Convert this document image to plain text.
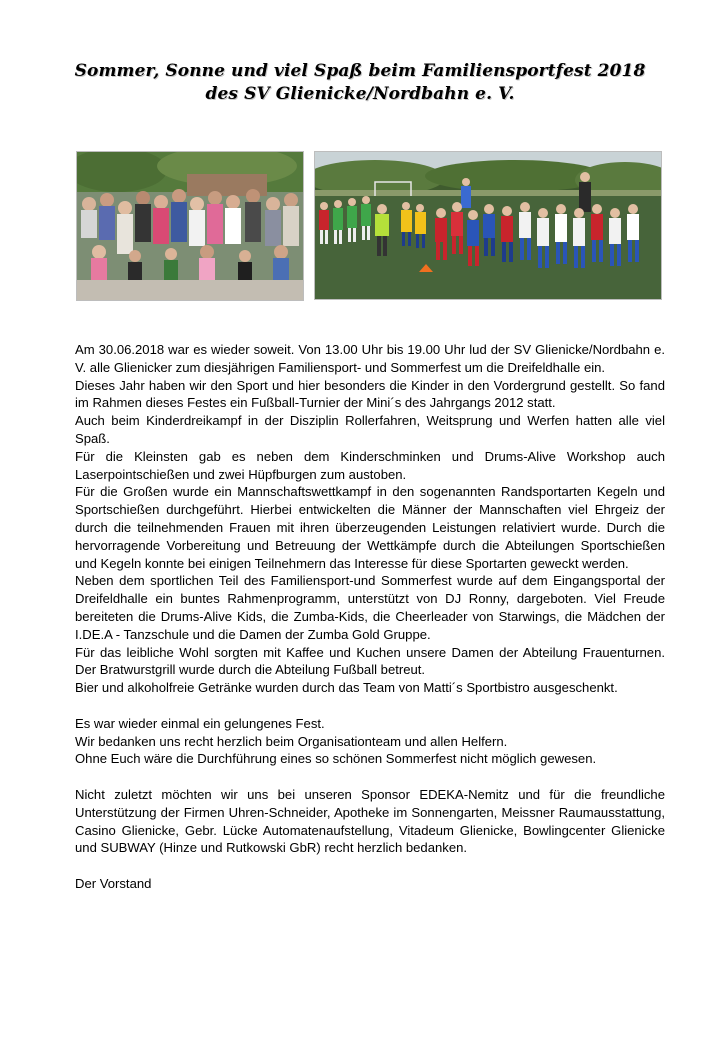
Sommer, Sonne und viel Spaß beim Familiensportfest 2018
des SV Glienicke/Nordbahn e. V.

Am 30.06.2018 war es wieder soweit. Von 13.00 Uhr bis 19.00 Uhr lud der SV Glienicke/Nordbahn e. V. alle Glienicker zum diesjährigen Familiensport- und Sommerfest um die Dreifeldhalle ein.

Dieses Jahr haben wir den Sport und hier besonders die Kinder in den Vordergrund gestellt. So fand im Rahmen dieses Festes ein Fußball-Turnier der Mini´s des Jahrgangs 2012 statt.

Auch beim Kinderdreikampf in der Disziplin Rollerfahren, Weitsprung und Werfen hatten alle viel Spaß.

Für die Kleinsten gab es neben dem Kinderschminken und Drums-Alive Workshop auch Laserpointschießen und zwei Hüpfburgen zum austoben.

Für die Großen wurde ein Mannschaftswettkampf in den sogenannten Randsportarten Kegeln und Sportschießen durchgeführt. Hierbei entwickelten die Männer der Mannschaften viel Ehrgeiz der durch die teilnehmenden Frauen mit ihren überzeugenden Leistungen relativiert wurde. Durch die hervorragende Vorbereitung und Betreuung der Wettkämpfe durch die Abteilungen Sportschießen und Kegeln konnte bei einigen Teilnehmern das Interesse für diese Sportarten geweckt werden.

Neben dem sportlichen Teil des Familiensport-und Sommerfest wurde auf dem Eingangsportal der Dreifeldhalle ein buntes Rahmenprogramm, unterstützt von DJ Ronny, dargeboten. Viel Freude bereiteten die Drums-Alive Kids, die Zumba-Kids, die Cheerleader von Starwings, die Mädchen der I.DE.A - Tanzschule und die Damen der Zumba Gold Gruppe.

Für das leibliche Wohl sorgten mit Kaffee und Kuchen unsere Damen der Abteilung Frauenturnen. Der Bratwurstgrill wurde durch die Abteilung Fußball betreut.

Bier und alkoholfreie Getränke wurden durch das Team von Matti´s Sportbistro ausgeschenkt.

Es war wieder einmal ein gelungenes Fest.

Wir bedanken uns recht herzlich beim Organisationteam und allen Helfern.

Ohne Euch wäre die Durchführung eines so schönen Sommerfest nicht möglich gewesen.

Nicht zuletzt möchten wir uns bei unseren Sponsor EDEKA-Nemitz und für die freundliche Unterstützung der Firmen Uhren-Schneider, Apotheke im Sonnengarten, Meissner Raumausstattung, Casino Glienicke, Gebr. Lücke Automatenaufstellung, Vitadeum Glienicke, Bowlingcenter Glienicke und SUBWAY (Hinze und Rutkowski GbR) recht herzlich bedanken.

Der Vorstand
